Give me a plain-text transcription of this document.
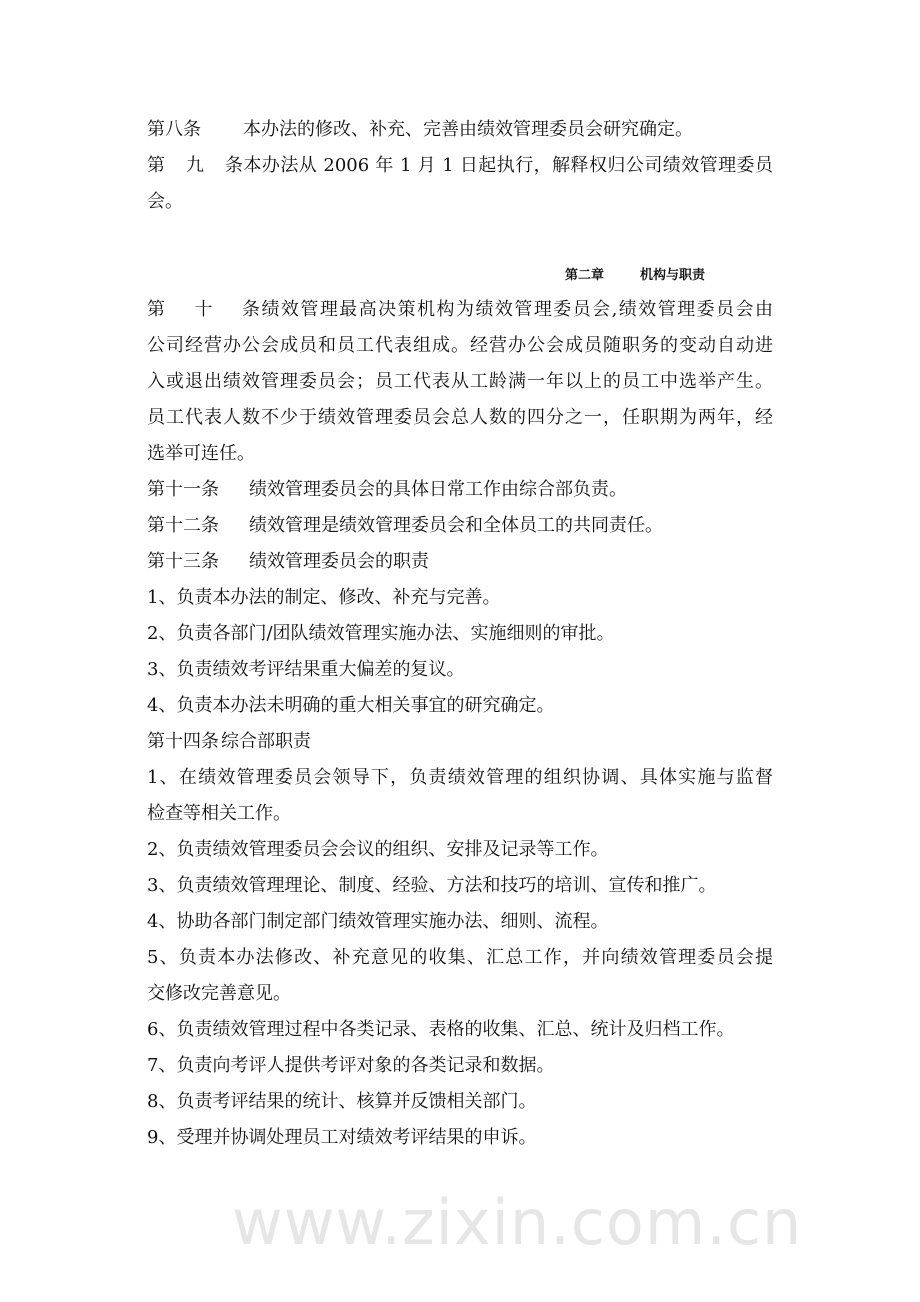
www.zixin.com.cn
第八条 本办法的修改、补充、完善由绩效管理委员会研究确定。
第九条本办法从 2006 年 1 月 1 日起执行，解释权归公司绩效管理委员
会。
第二章	机构与职责
第十条绩效管理最高决策机构为绩效管理委员会,绩效管理委员会由
公司经营办公会成员和员工代表组成。经营办公会成员随职务的变动自动进
入或退出绩效管理委员会；员工代表从工龄满一年以上的员工中选举产生。
员工代表人数不少于绩效管理委员会总人数的四分之一，任职期为两年，经
选举可连任。
第十一条 绩效管理委员会的具体日常工作由综合部负责。
第十二条 绩效管理是绩效管理委员会和全体员工的共同责任。
第十三条 绩效管理委员会的职责
1、负责本办法的制定、修改、补充与完善。
2、负责各部门/团队绩效管理实施办法、实施细则的审批。
3、负责绩效考评结果重大偏差的复议。
4、负责本办法未明确的重大相关事宜的研究确定。
第十四条 综合部职责
1、在绩效管理委员会领导下，负责绩效管理的组织协调、具体实施与监督
检查等相关工作。
2、负责绩效管理委员会会议的组织、安排及记录等工作。
3、负责绩效管理理论、制度、经验、方法和技巧的培训、宣传和推广。
4、协助各部门制定部门绩效管理实施办法、细则、流程。
5、负责本办法修改、补充意见的收集、汇总工作，并向绩效管理委员会提
交修改完善意见。
6、负责绩效管理过程中各类记录、表格的收集、汇总、统计及归档工作。
7、负责向考评人提供考评对象的各类记录和数据。
8、负责考评结果的统计、核算并反馈相关部门。
9、受理并协调处理员工对绩效考评结果的申诉。
